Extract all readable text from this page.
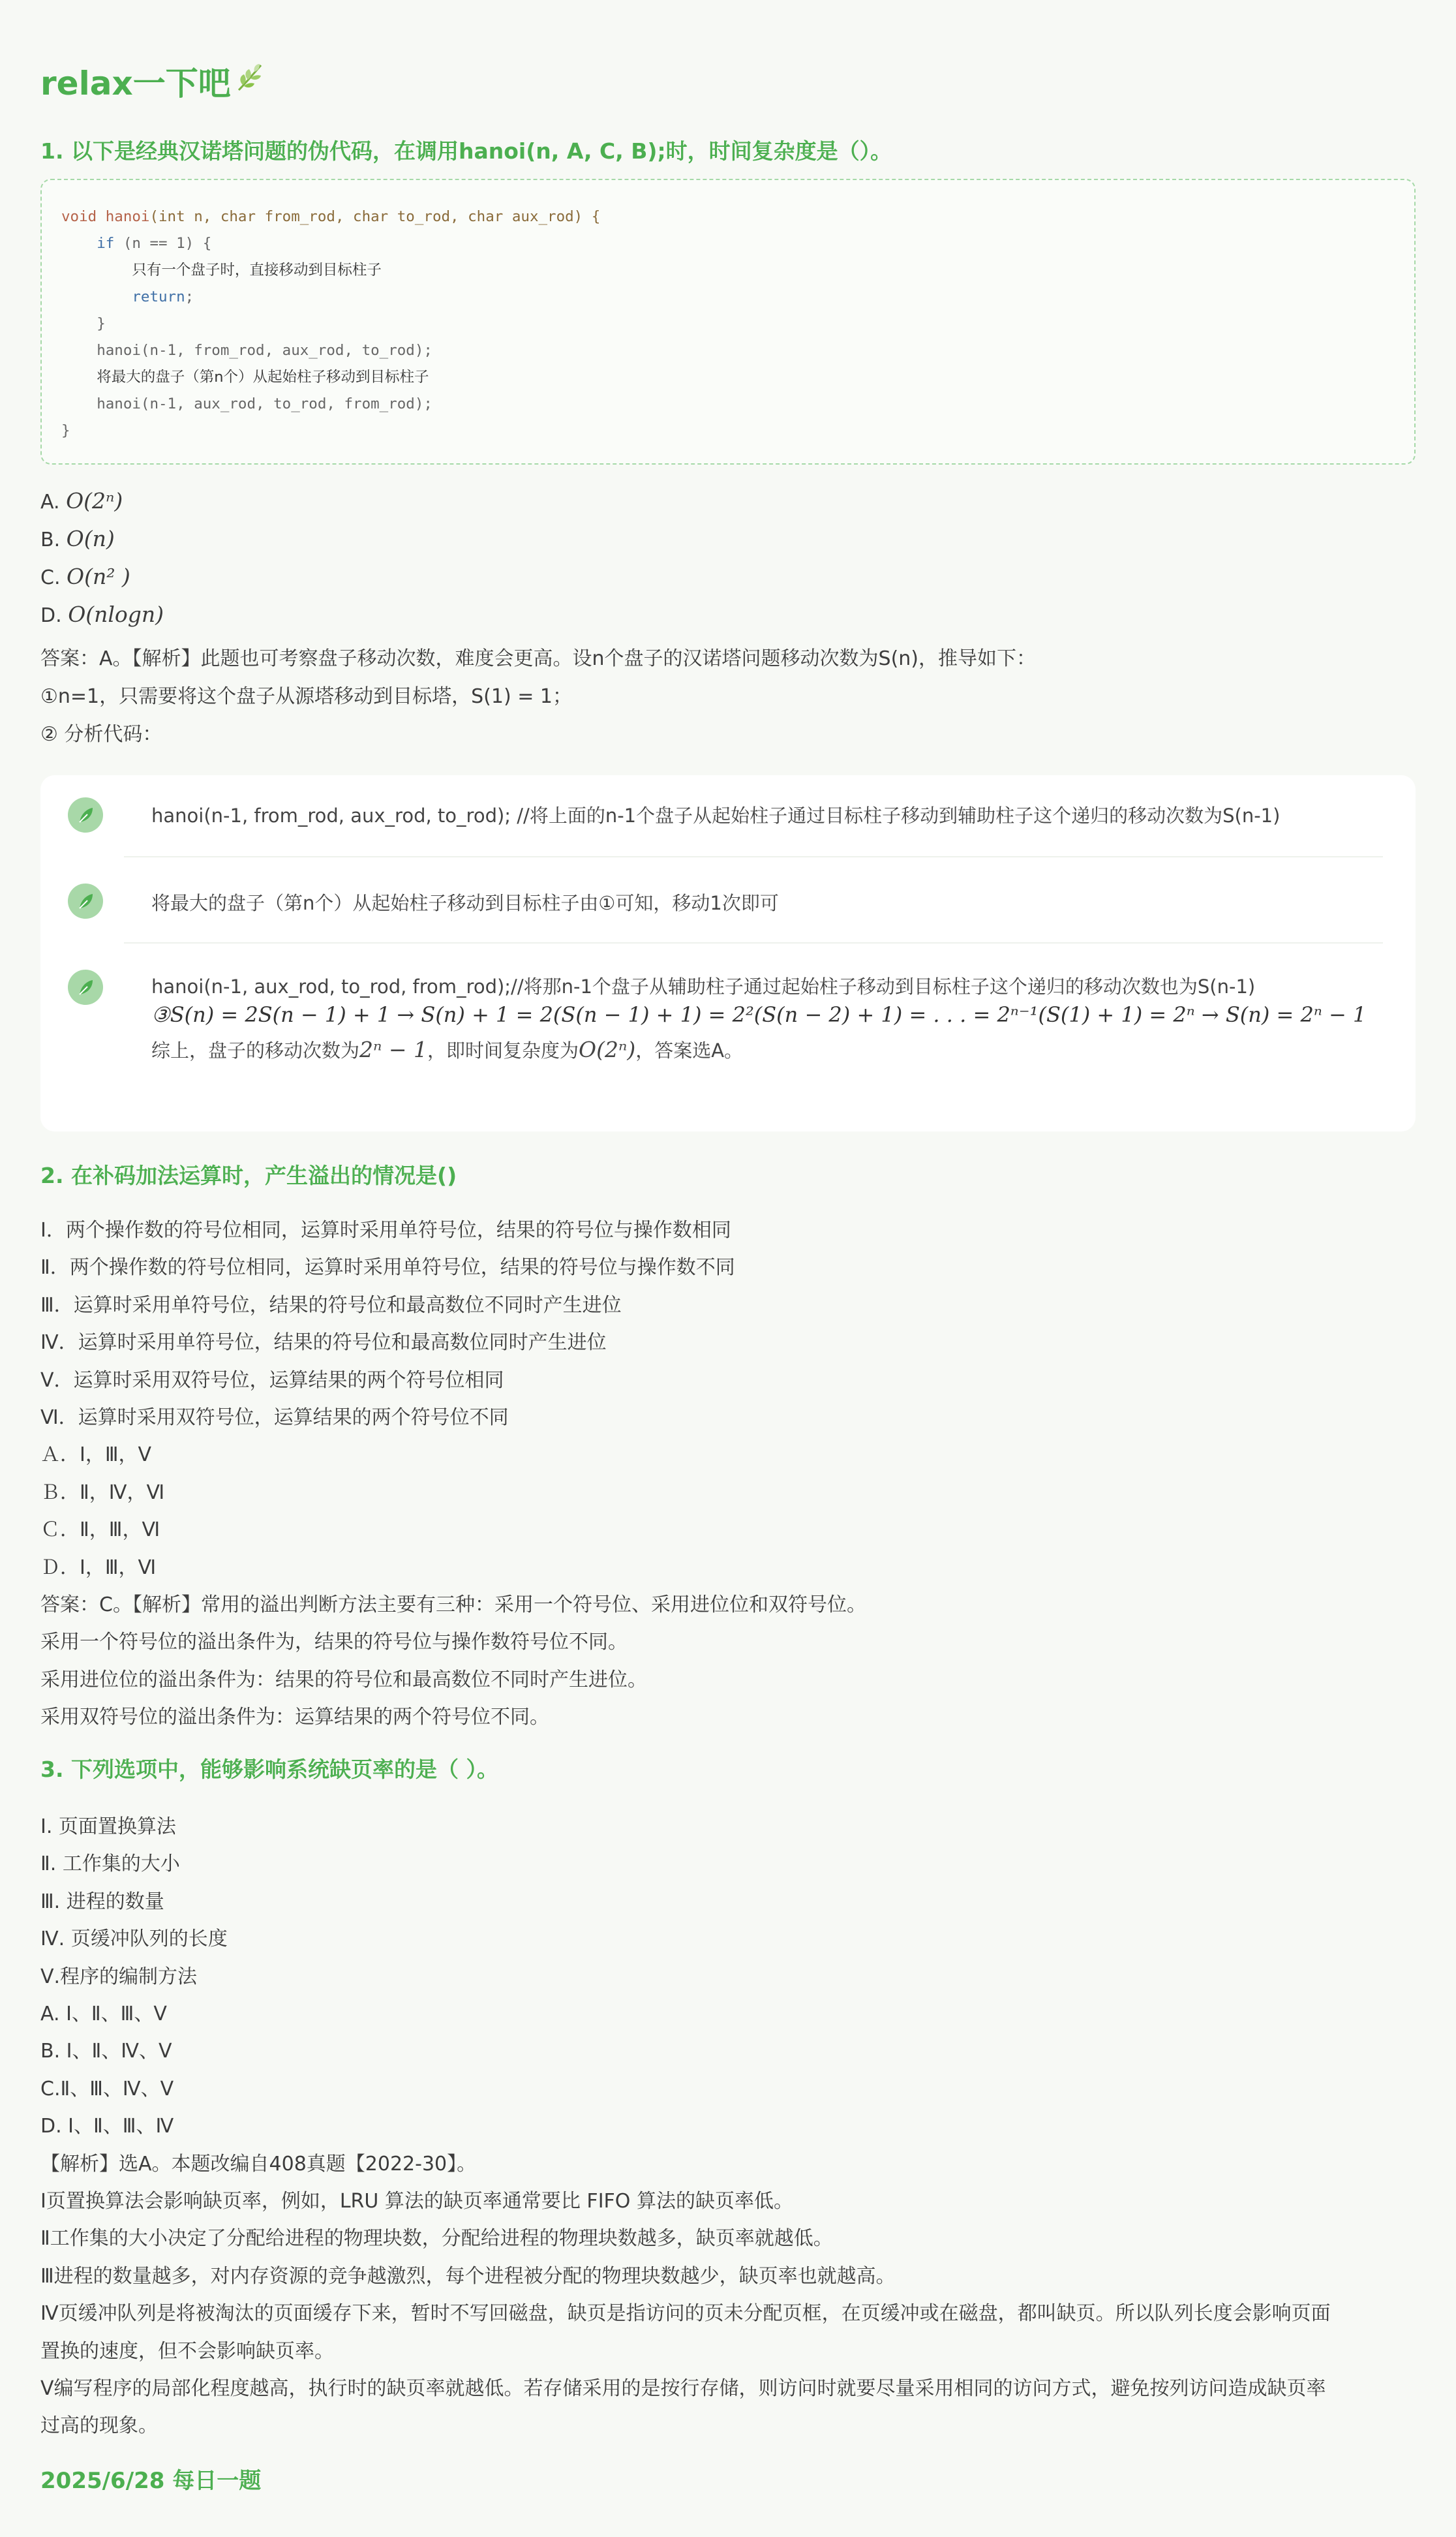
relax一下吧
1. 以下是经典汉诺塔问题的伪代码，在调用hanoi(n, A, C, B);时，时间复杂度是（）。
void hanoi(int n, char from_rod, char to_rod, char aux_rod) {
if (n == 1) {
只有一个盘子时，直接移动到目标柱子
return;
}
hanoi(n-1, from_rod, aux_rod, to_rod);
将最大的盘子（第n个）从起始柱子移动到目标柱子
hanoi(n-1, aux_rod, to_rod, from_rod);
}
A. O(2ⁿ)
B. O(n)
C. O(n² )
D. O(nlogn)
答案：A。【解析】此题也可考察盘子移动次数，难度会更高。设n个盘子的汉诺塔问题移动次数为S(n)，推导如下：
①n=1，只需要将这个盘子从源塔移动到目标塔，S(1) = 1；
② 分析代码：
hanoi(n-1, from_rod, aux_rod, to_rod); //将上面的n-1个盘子从起始柱子通过目标柱子移动到辅助柱子这个递归的移动次数为S(n-1)
将最大的盘子（第n个）从起始柱子移动到目标柱子由①可知，移动1次即可
hanoi(n-1, aux_rod, to_rod, from_rod);//将那n-1个盘子从辅助柱子通过起始柱子移动到目标柱子这个递归的移动次数也为S(n-1)
③S(n) = 2S(n − 1) + 1 → S(n) + 1 = 2(S(n − 1) + 1) = 2²(S(n − 2) + 1) = . . . = 2ⁿ⁻¹(S(1) + 1) = 2ⁿ → S(n) = 2ⁿ − 1
综上，盘子的移动次数为2ⁿ − 1，即时间复杂度为O(2ⁿ)，答案选A。
2. 在补码加法运算时，产生溢出的情况是()
Ⅰ．两个操作数的符号位相同，运算时采用单符号位，结果的符号位与操作数相同
Ⅱ．两个操作数的符号位相同，运算时采用单符号位，结果的符号位与操作数不同
Ⅲ．运算时采用单符号位，结果的符号位和最高数位不同时产生进位
Ⅳ．运算时采用单符号位，结果的符号位和最高数位同时产生进位
Ⅴ．运算时采用双符号位，运算结果的两个符号位相同
Ⅵ．运算时采用双符号位，运算结果的两个符号位不同
Ａ．Ⅰ，Ⅲ，Ⅴ
Ｂ．Ⅱ，Ⅳ，Ⅵ
Ｃ．Ⅱ，Ⅲ，Ⅵ
Ｄ．Ⅰ，Ⅲ，Ⅵ
答案：C。【解析】常用的溢出判断方法主要有三种：采用一个符号位、采用进位位和双符号位。
采用一个符号位的溢出条件为，结果的符号位与操作数符号位不同。
采用进位位的溢出条件为：结果的符号位和最高数位不同时产生进位。
采用双符号位的溢出条件为：运算结果的两个符号位不同。
3. 下列选项中，能够影响系统缺页率的是（ ）。
Ⅰ. 页面置换算法
Ⅱ. 工作集的大小
Ⅲ. 进程的数量
Ⅳ. 页缓冲队列的长度
Ⅴ.程序的编制方法
A. Ⅰ、Ⅱ、Ⅲ、Ⅴ
B. Ⅰ、Ⅱ、Ⅳ、Ⅴ
C.Ⅱ、Ⅲ、Ⅳ、Ⅴ
D. Ⅰ、Ⅱ、Ⅲ、Ⅳ
【解析】选A。本题改编自408真题【2022-30】。
Ⅰ页置换算法会影响缺页率，例如，LRU 算法的缺页率通常要比 FIFO 算法的缺页率低。
Ⅱ工作集的大小决定了分配给进程的物理块数，分配给进程的物理块数越多，缺页率就越低。
Ⅲ进程的数量越多，对内存资源的竞争越激烈，每个进程被分配的物理块数越少，缺页率也就越高。
Ⅳ页缓冲队列是将被淘汰的页面缓存下来，暂时不写回磁盘，缺页是指访问的页未分配页框，在页缓冲或在磁盘，都叫缺页。所以队列长度会影响页面
置换的速度，但不会影响缺页率。
Ⅴ编写程序的局部化程度越高，执行时的缺页率就越低。若存储采用的是按行存储，则访问时就要尽量采用相同的访问方式，避免按列访问造成缺页率
过高的现象。
2025/6/28 每日一题
